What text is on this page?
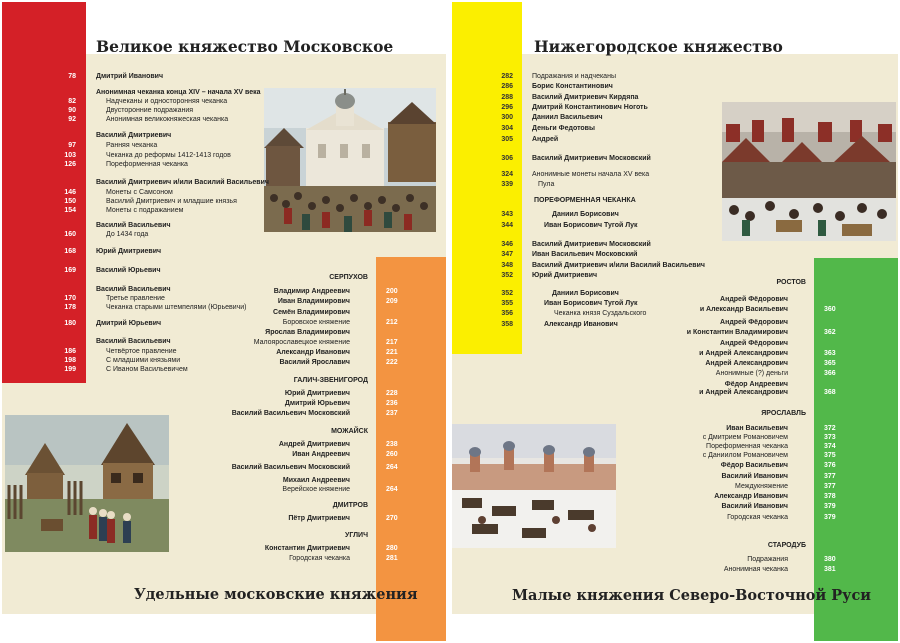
Великое княжество Московское
Удельные московские княжения
78	Дмитрий Иванович
Анонимная чеканка конца XIV – начала XV века
82	Надчеканы и односторонняя чеканка
90	Двусторонние подражания
92	Анонимная великокняжеская чеканка
Василий Дмитриевич
97	Ранняя чеканка
103	Чеканка до реформы 1412-1413 годов
126	Пореформенная чеканка
Василий Дмитриевич и/или Василий Васильевич
146	Монеты с Самсоном
150	Василий Дмитриевич и младшие князья
154	Монеты с подражанием
Василий Васильевич
160	До 1434 года
168	Юрий Дмитриевич
169	Василий Юрьевич
Василий Васильевич
170	Третье правление
178	Чеканка старыми штемпелями (Юрьевичи)
180	Дмитрий Юрьевич
Василий Васильевич
186	Четвёртое правление
198	С младшими князьями
199	С Иваном Васильевичем
СЕРПУХОВ
Владимир Андреевич	200
Иван Владимирович	209
Семён Владимирович
Боровское княжение	212
Ярослав Владимирович
Малоярославецкое княжение	217
Александр Иванович	221
Василий Ярославич	222
ГАЛИЧ-ЗВЕНИГОРОД
Юрий Дмитриевич	228
Дмитрий Юрьевич	236
Василий Васильевич Московский	237
МОЖАЙСК
Андрей Дмитриевич	238
Иван Андреевич	260
Василий Васильевич Московский	264
Михаил Андреевич
Верейское княжение	264
ДМИТРОВ
Пётр Дмитриевич	270
УГЛИЧ
Константин Дмитриевич	280
Городская чеканка	281
Нижегородское княжество
Малые княжения Северо-Восточной Руси
282	Подражания и надчеканы
286	Борис Константинович
288	Василий Дмитриевич Кирдяпа
296	Дмитрий Константинович Ноготь
300	Даниил Васильевич
304	Деньги Федотовы
305	Андрей
306	Василий Дмитриевич Московский
324	Анонимные монеты начала XV века
339	Пула
ПОРЕФОРМЕННАЯ ЧЕКАНКА
343	Даниил Борисович
344	Иван Борисович Тугой Лук
346	Василий Дмитриевич Московский
347	Иван Васильевич Московский
348	Василий Дмитриевич и/или Василий Васильевич
352	Юрий Дмитриевич
352	Даниил Борисович
355	Иван Борисович Тугой Лук
356	Чеканка князя Суздальского
358	Александр Иванович
РОСТОВ
Андрей Фёдорович
и Александр Васильевич	360
Андрей Фёдорович
и Константин Владимирович	362
Андрей Фёдорович
и Андрей Александрович	363
Андрей Александрович	365
Анонимные (?) деньги	366
Фёдор Андреевич
и Андрей Александрович	368
ЯРОСЛАВЛЬ
Иван Васильевич	372
с Дмитрием Романовичем	373
Пореформенная чеканка	374
с Даниилом Романовичем	375
Фёдор Васильевич	376
Василий Иванович	377
Междукняжение	377
Александр Иванович	378
Василий Иванович	379
Городская чеканка	379
СТАРОДУБ
Подражания	380
Анонимная чеканка	381
